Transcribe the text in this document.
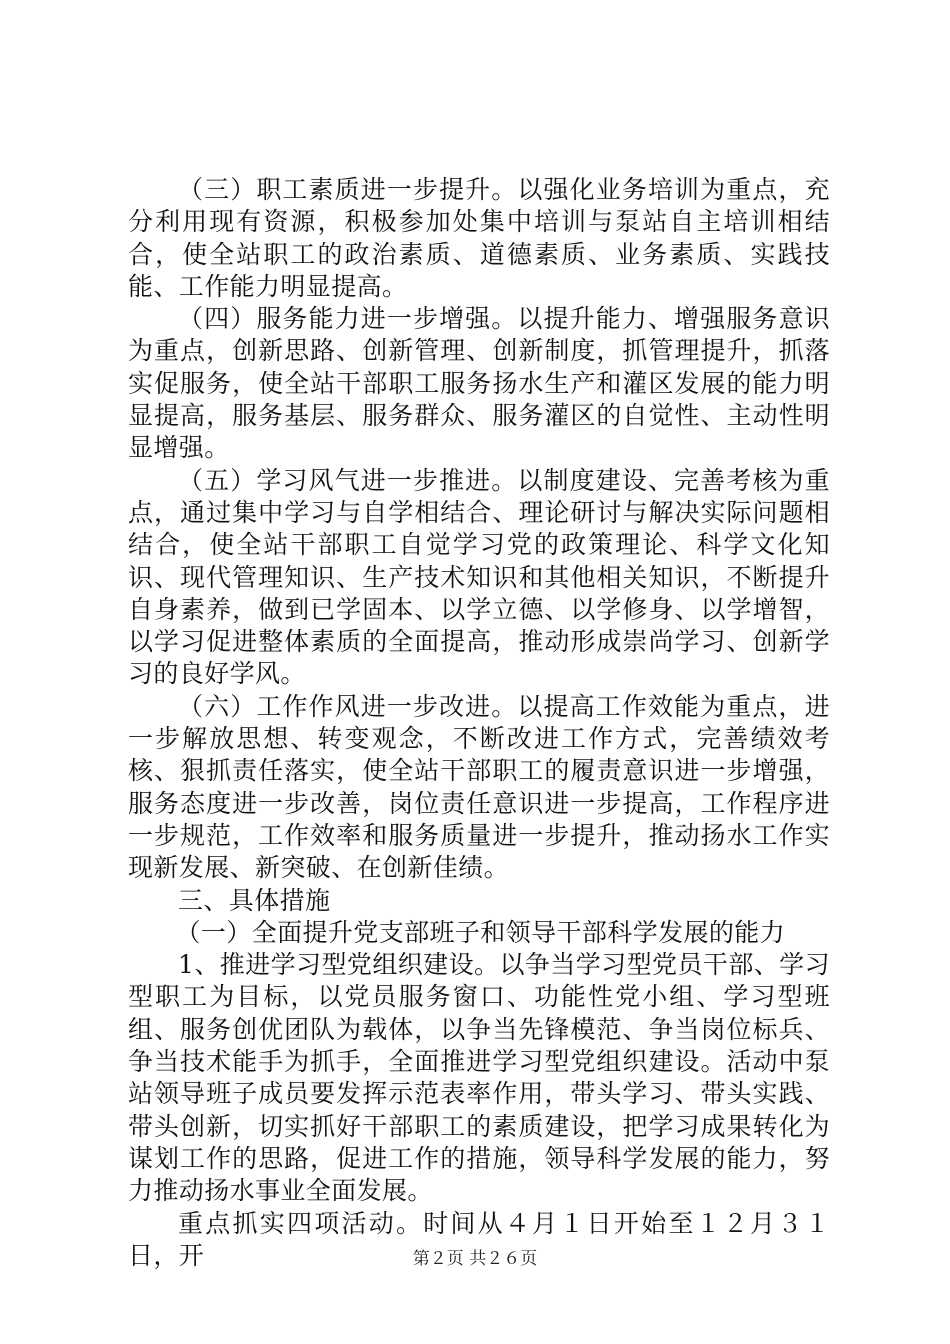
（三）职工素质进一步提升。以强化业务培训为重点，充分利用现有资源，积极参加处集中培训与泵站自主培训相结合，使全站职工的政治素质、道德素质、业务素质、实践技能、工作能力明显提高。

（四）服务能力进一步增强。以提升能力、增强服务意识为重点，创新思路、创新管理、创新制度，抓管理提升，抓落实促服务，使全站干部职工服务扬水生产和灌区发展的能力明显提高，服务基层、服务群众、服务灌区的自觉性、主动性明显增强。

（五）学习风气进一步推进。以制度建设、完善考核为重点，通过集中学习与自学相结合、理论研讨与解决实际问题相结合，使全站干部职工自觉学习党的政策理论、科学文化知识、现代管理知识、生产技术知识和其他相关知识，不断提升自身素养，做到已学固本、以学立德、以学修身、以学增智，以学习促进整体素质的全面提高，推动形成崇尚学习、创新学习的良好学风。

（六）工作作风进一步改进。以提高工作效能为重点，进一步解放思想、转变观念，不断改进工作方式，完善绩效考核、狠抓责任落实，使全站干部职工的履责意识进一步增强，服务态度进一步改善，岗位责任意识进一步提高，工作程序进一步规范，工作效率和服务质量进一步提升，推动扬水工作实现新发展、新突破、在创新佳绩。

三、具体措施

（一）全面提升党支部班子和领导干部科学发展的能力

1、推进学习型党组织建设。以争当学习型党员干部、学习型职工为目标，以党员服务窗口、功能性党小组、学习型班组、服务创优团队为载体，以争当先锋模范、争当岗位标兵、争当技术能手为抓手，全面推进学习型党组织建设。活动中泵站领导班子成员要发挥示范表率作用，带头学习、带头实践、带头创新，切实抓好干部职工的素质建设，把学习成果转化为谋划工作的思路，促进工作的措施，领导科学发展的能力，努力推动扬水事业全面发展。

重点抓实四项活动。时间从４月１日开始至１２月３１日，开	第２页 共２６页
